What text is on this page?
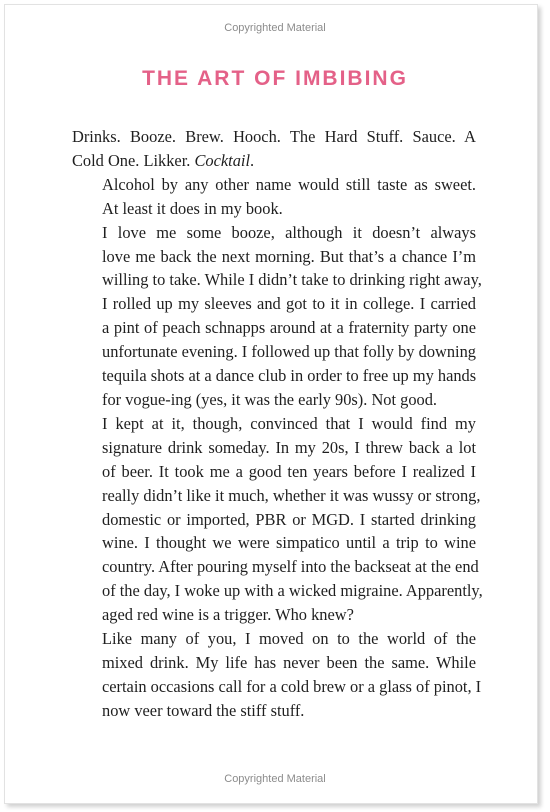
Copyrighted Material
THE ART OF IMBIBING

Drinks. Booze. Brew. Hooch. The Hard Stuff. Sauce. A
Cold One. Likker. Cocktail.

Alcohol by any other name would still taste as sweet.
At least it does in my book.

I love me some booze, although it doesn’t always
love me back the next morning. But that’s a chance I’m
willing to take. While I didn’t take to drinking right away,
I rolled up my sleeves and got to it in college. I carried
a pint of peach schnapps around at a fraternity party one
unfortunate evening. I followed up that folly by downing
tequila shots at a dance club in order to free up my hands
for vogue-ing (yes, it was the early 90s). Not good.

I kept at it, though, convinced that I would find my
signature drink someday. In my 20s, I threw back a lot
of beer. It took me a good ten years before I realized I
really didn’t like it much, whether it was wussy or strong,
domestic or imported, PBR or MGD. I started drinking
wine. I thought we were simpatico until a trip to wine
country. After pouring myself into the backseat at the end
of the day, I woke up with a wicked migraine. Apparently,
aged red wine is a trigger. Who knew?

Like many of you, I moved on to the world of the
mixed drink. My life has never been the same. While
certain occasions call for a cold brew or a glass of pinot, I
now veer toward the stiff stuff.

Copyrighted Material
